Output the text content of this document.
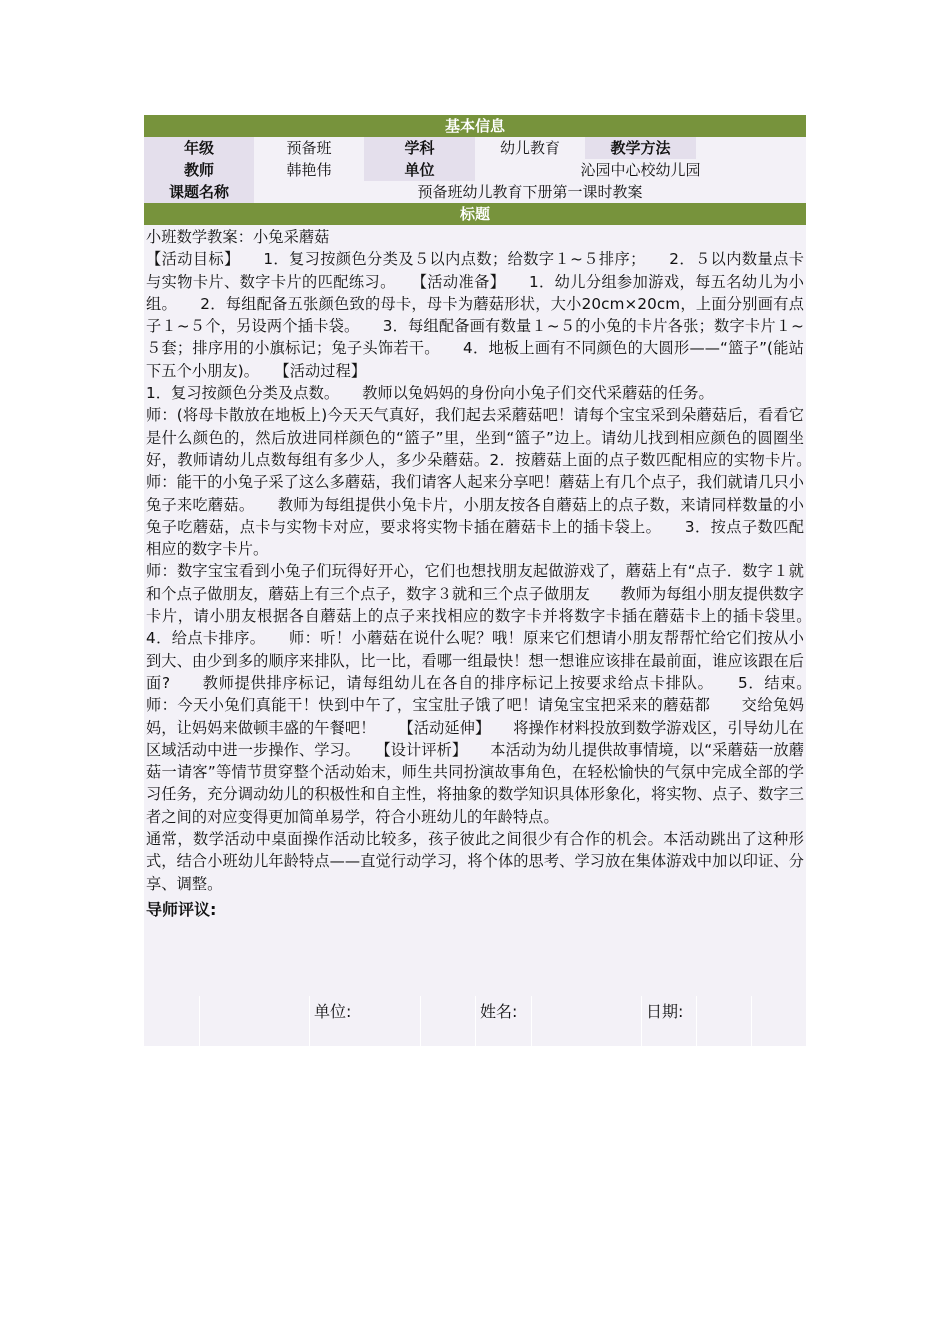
基本信息
年级	预备班	学科	幼儿教育	教学方法
教师	韩艳伟	单位	沁园中心校幼儿园
课题名称	预备班幼儿教育下册第一课时教案
标题

小班数学教案：小兔采蘑菇

【活动目标】　　1．复习按颜色分类及５以内点数；给数字１~５排序；　　2．５以内数量点卡与实物卡片、数字卡片的匹配练习。　　【活动准备】　　1．幼儿分组参加游戏，每五名幼儿为小组。　　2．每组配备五张颜色致的母卡，母卡为蘑菇形状，大小20cm×20cm，上面分别画有点子１~５个，另设两个插卡袋。　　3．每组配备画有数量１~５的小兔的卡片各张；数字卡片１~５套；排序用的小旗标记；兔子头饰若干。　　4．地板上画有不同颜色的大圆形——“篮子”(能站下五个小朋友)。　　【活动过程】

1．复习按颜色分类及点数。　　教师以兔妈妈的身份向小兔子们交代采蘑菇的任务。

师：(将母卡散放在地板上)今天天气真好，我们起去采蘑菇吧！请每个宝宝采到朵蘑菇后，看看它是什么颜色的，然后放进同样颜色的“篮子”里，坐到“篮子”边上。请幼儿找到相应颜色的圆圈坐好，教师请幼儿点数每组有多少人，多少朵蘑菇。2．按蘑菇上面的点子数匹配相应的实物卡片。　　师：能干的小兔子采了这么多蘑菇，我们请客人起来分享吧！蘑菇上有几个点子，我们就请几只小兔子来吃蘑菇。　　教师为每组提供小兔卡片，小朋友按各自蘑菇上的点子数，来请同样数量的小兔子吃蘑菇，点卡与实物卡对应，要求将实物卡插在蘑菇卡上的插卡袋上。　　3．按点子数匹配相应的数字卡片。

师：数字宝宝看到小兔子们玩得好开心，它们也想找朋友起做游戏了，蘑菇上有“点子．数字１就和个点子做朋友，蘑菇上有三个点子，数字３就和三个点子做朋友　　教师为每组小朋友提供数字卡片，请小朋友根据各自蘑菇上的点子来找相应的数字卡并将数字卡插在蘑菇卡上的插卡袋里。　　4．给点卡排序。　　师：听！小蘑菇在说什么呢？哦！原来它们想请小朋友帮帮忙给它们按从小到大、由少到多的顺序来排队，比一比，看哪一组最快！想一想谁应该排在最前面，谁应该跟在后面?　　教师提供排序标记，请每组幼儿在各自的排序标记上按要求给点卡排队。　　5．结束。　　师：今天小兔们真能干！快到中午了，宝宝肚子饿了吧！请兔宝宝把采来的蘑菇都　　交给兔妈妈，让妈妈来做顿丰盛的午餐吧！　　【活动延伸】　　将操作材料投放到数学游戏区，引导幼儿在区域活动中进一步操作、学习。　　【设计评析】　　本活动为幼儿提供故事情境，以“采蘑菇一放蘑菇一请客”等情节贯穿整个活动始末，师生共同扮演故事角色，在轻松愉快的气氛中完成全部的学习任务，充分调动幼儿的积极性和自主性，将抽象的数学知识具体形象化，将实物、点子、数字三者之间的对应变得更加简单易学，符合小班幼儿的年龄特点。

通常，数学活动中桌面操作活动比较多，孩子彼此之间很少有合作的机会。本活动跳出了这种形式，结合小班幼儿年龄特点——直觉行动学习，将个体的思考、学习放在集体游戏中加以印证、分享、调整。

导师评议:
单位:	姓名:	日期:
